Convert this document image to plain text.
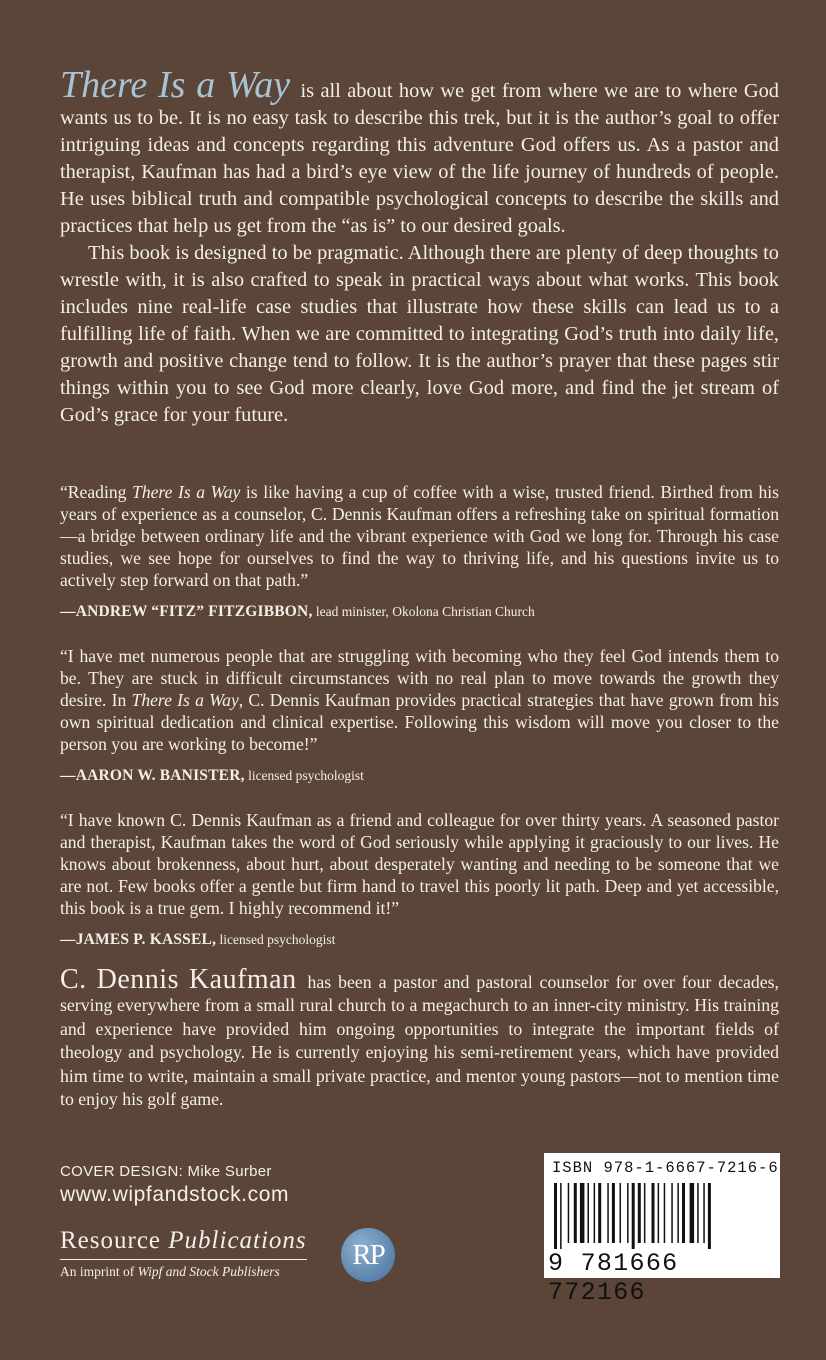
There Is a Way is all about how we get from where we are to where God wants us to be. It is no easy task to describe this trek, but it is the author’s goal to offer intriguing ideas and concepts regarding this adventure God offers us. As a pastor and therapist, Kaufman has had a bird’s eye view of the life journey of hundreds of people. He uses biblical truth and compatible psychological concepts to describe the skills and practices that help us get from the “as is” to our desired goals.

This book is designed to be pragmatic. Although there are plenty of deep thoughts to wrestle with, it is also crafted to speak in practical ways about what works. This book includes nine real-life case studies that illustrate how these skills can lead us to a fulfilling life of faith. When we are committed to integrating God’s truth into daily life, growth and positive change tend to follow. It is the author’s prayer that these pages stir things within you to see God more clearly, love God more, and find the jet stream of God’s grace for your future.

“Reading There Is a Way is like having a cup of coffee with a wise, trusted friend. Birthed from his years of experience as a counselor, C. Dennis Kaufman offers a refreshing take on spiritual formation—a bridge between ordinary life and the vibrant experience with God we long for. Through his case studies, we see hope for ourselves to find the way to thriving life, and his questions invite us to actively step forward on that path.”

—ANDREW “FITZ” FITZGIBBON, lead minister, Okolona Christian Church

“I have met numerous people that are struggling with becoming who they feel God intends them to be. They are stuck in difficult circumstances with no real plan to move towards the growth they desire. In There Is a Way, C. Dennis Kaufman provides practical strategies that have grown from his own spiritual dedication and clinical expertise. Following this wisdom will move you closer to the person you are working to become!”

—AARON W. BANISTER, licensed psychologist

“I have known C. Dennis Kaufman as a friend and colleague for over thirty years. A seasoned pastor and therapist, Kaufman takes the word of God seriously while applying it graciously to our lives. He knows about brokenness, about hurt, about desperately wanting and needing to be someone that we are not. Few books offer a gentle but firm hand to travel this poorly lit path. Deep and yet accessible, this book is a true gem. I highly recommend it!”

—JAMES P. KASSEL, licensed psychologist
C. Dennis Kaufman has been a pastor and pastoral counselor for over four decades, serving everywhere from a small rural church to a megachurch to an inner-city ministry. His training and experience have provided him ongoing opportunities to integrate the important fields of theology and psychology. He is currently enjoying his semi-retirement years, which have provided him time to write, maintain a small private practice, and mentor young pastors—not to mention time to enjoy his golf game.
COVER DESIGN: Mike Surber
www.wipfandstock.com
Resource Publications
An imprint of Wipf and Stock Publishers
RP
ISBN 978-1-6667-7216-6
9 781666 772166
